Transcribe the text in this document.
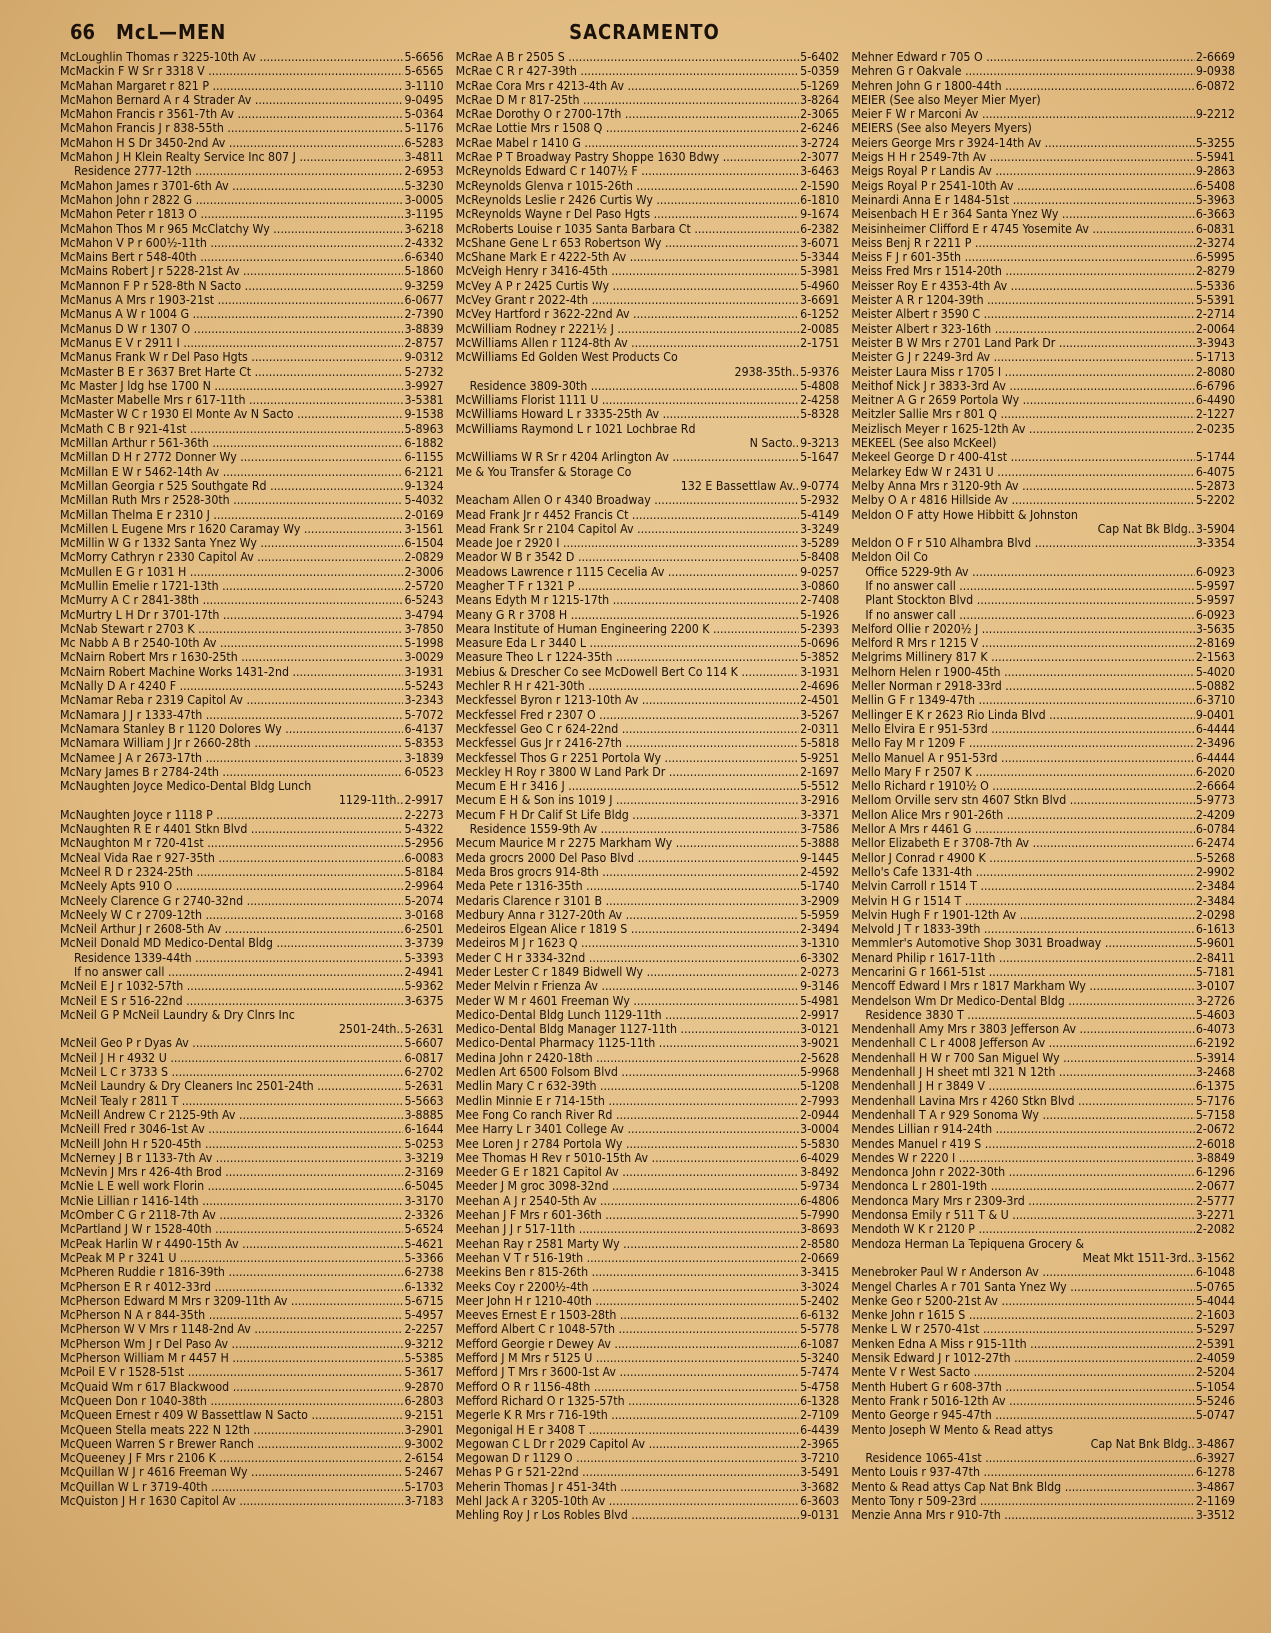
66 McL—MEN	SACRAMENTO
McLoughlin Thomas r 3225-10th Av .....	5-6656
McMackin F W Sr r 3318 V .....	5-6565
McMahan Margaret r 821 P .....	3-1110
McMahon Bernard A r 4 Strader Av .....	9-0495
McMahon Francis r 3561-7th Av .....	5-0364
McMahon Francis J r 838-55th .....	5-1176
McMahon H S Dr 3450-2nd Av .....	6-5283
McMahon J H Klein Realty Service Inc 807 J .....	3-4811
Residence 2777-12th .....	2-6953
McMahon James r 3701-6th Av .....	5-3230
McMahon John r 2822 G .....	3-0005
McMahon Peter r 1813 O .....	3-1195
McMahon Thos M r 965 McClatchy Wy .....	3-6218
McMahon V P r 600½-11th .....	2-4332
McMains Bert r 548-40th .....	6-6340
McMains Robert J r 5228-21st Av .....	5-1860
McMannon F P r 528-8th N Sacto .....	9-3259
McManus A Mrs r 1903-21st .....	6-0677
McManus A W r 1004 G .....	2-7390
McManus D W r 1307 O .....	3-8839
McManus E V r 2911 I .....	2-8757
McManus Frank W r Del Paso Hgts .....	9-0312
McMaster B E r 3637 Bret Harte Ct .....	5-2732
Mc Master J ldg hse 1700 N .....	3-9927
McMaster Mabelle Mrs r 617-11th .....	3-5381
McMaster W C r 1930 El Monte Av N Sacto .....	9-1538
McMath C B r 921-41st .....	5-8963
McMillan Arthur r 561-36th .....	6-1882
McMillan D H r 2772 Donner Wy .....	6-1155
McMillan E W r 5462-14th Av .....	6-2121
McMillan Georgia r 525 Southgate Rd .....	9-1324
McMillan Ruth Mrs r 2528-30th .....	5-4032
McMillan Thelma E r 2310 J .....	2-0169
McMillen L Eugene Mrs r 1620 Caramay Wy .....	3-1561
McMillin W G r 1332 Santa Ynez Wy .....	6-1504
McMorry Cathryn r 2330 Capitol Av .....	2-0829
McMullen E G r 1031 H .....	2-3006
McMullin Emelie r 1721-13th .....	2-5720
McMurry A C r 2841-38th .....	6-5243
McMurtry L H Dr r 3701-17th .....	3-4794
McNab Stewart r 2703 K .....	3-7850
Mc Nabb A B r 2540-10th Av .....	5-1998
McNairn Robert Mrs r 1630-25th .....	3-0029
McNairn Robert Machine Works 1431-2nd .....	3-1931
McNally D A r 4240 F .....	5-5243
McNamar Reba r 2319 Capitol Av .....	3-2343
McNamara J J r 1333-47th .....	5-7072
McNamara Stanley B r 1120 Dolores Wy .....	6-4137
McNamara William J Jr r 2660-28th .....	5-8353
McNamee J A r 2673-17th .....	3-1839
McNary James B r 2784-24th .....	6-0523
McNaughten Joyce Medico-Dental Bldg Lunch
1129-11th .. 2-9917
McNaughten Joyce r 1118 P .....	2-2273
McNaughten R E r 4401 Stkn Blvd .....	5-4322
McNaughton M r 720-41st .....	5-2956
McNeal Vida Rae r 927-35th .....	6-0083
McNeel R D r 2324-25th .....	5-8184
McNeely Apts 910 O .....	2-9964
McNeely Clarence G r 2740-32nd .....	5-2074
McNeely W C r 2709-12th .....	3-0168
McNeil Arthur J r 2608-5th Av .....	6-2501
McNeil Donald MD Medico-Dental Bldg .....	3-3739
Residence 1339-44th .....	5-3393
If no answer call .....	2-4941
McNeil E J r 1032-57th .....	5-9362
McNeil E S r 516-22nd .....	3-6375
McNeil G P McNeil Laundry & Dry Clnrs Inc
2501-24th .. 5-2631
McNeil Geo P r Dyas Av .....	5-6607
McNeil J H r 4932 U .....	6-0817
McNeil L C r 3733 S .....	6-2702
McNeil Laundry & Dry Cleaners Inc 2501-24th .....	5-2631
McNeil Tealy r 2811 T .....	5-5663
McNeill Andrew C r 2125-9th Av .....	3-8885
McNeill Fred r 3046-1st Av .....	6-1644
McNeill John H r 520-45th .....	5-0253
McNerney J B r 1133-7th Av .....	3-3219
McNevin J Mrs r 426-4th Brod .....	2-3169
McNie L E well work Florin .....	6-5045
McNie Lillian r 1416-14th .....	3-3170
McOmber C G r 2118-7th Av .....	2-3326
McPartland J W r 1528-40th .....	5-6524
McPeak Harlin W r 4490-15th Av .....	5-4621
McPeak M P r 3241 U .....	5-3366
McPheren Ruddie r 1816-39th .....	6-2738
McPherson E R r 4012-33rd .....	6-1332
McPherson Edward M Mrs r 3209-11th Av .....	5-6715
McPherson N A r 844-35th .....	5-4957
McPherson W V Mrs r 1148-2nd Av .....	2-2257
McPherson Wm J r Del Paso Av .....	9-3212
McPherson William M r 4457 H .....	5-5385
McPoil E V r 1528-51st .....	5-3617
McQuaid Wm r 617 Blackwood .....	9-2870
McQueen Don r 1040-38th .....	6-2803
McQueen Ernest r 409 W Bassettlaw N Sacto .....	9-2151
McQueen Stella meats 222 N 12th .....	3-2901
McQueen Warren S r Brewer Ranch .....	9-3002
McQueeney J F Mrs r 2106 K .....	2-6154
McQuillan W J r 4616 Freeman Wy .....	5-2467
McQuillan W L r 3719-40th .....	5-1703
McQuiston J H r 1630 Capitol Av .....	3-7183
McRae A B r 2505 S .....	5-6402
McRae C R r 427-39th .....	5-0359
McRae Cora Mrs r 4213-4th Av .....	5-1269
McRae D M r 817-25th .....	3-8264
McRae Dorothy O r 2700-17th .....	2-3065
McRae Lottie Mrs r 1508 Q .....	2-6246
McRae Mabel r 1410 G .....	3-2724
McRae P T Broadway Pastry Shoppe 1630 Bdwy .....	2-3077
McReynolds Edward C r 1407½ F .....	3-6463
McReynolds Glenva r 1015-26th .....	2-1590
McReynolds Leslie r 2426 Curtis Wy .....	6-1810
McReynolds Wayne r Del Paso Hgts .....	9-1674
McRoberts Louise r 1035 Santa Barbara Ct .....	6-2382
McShane Gene L r 653 Robertson Wy .....	3-6071
McShane Mark E r 4222-5th Av .....	5-3344
McVeigh Henry r 3416-45th .....	5-3981
McVey A P r 2425 Curtis Wy .....	5-4960
McVey Grant r 2022-4th .....	3-6691
McVey Hartford r 3622-22nd Av .....	6-1252
McWilliam Rodney r 2221½ J .....	2-0085
McWilliams Allen r 1124-8th Av .....	2-1751
McWilliams Ed Golden West Products Co
2938-35th .. 5-9376
Residence 3809-30th .....	5-4808
McWilliams Florist 1111 U .....	2-4258
McWilliams Howard L r 3335-25th Av .....	5-8328
McWilliams Raymond L r 1021 Lochbrae Rd
N Sacto .. 9-3213
McWilliams W R Sr r 4204 Arlington Av .....	5-1647
Me & You Transfer & Storage Co
132 E Bassettlaw Av .. 9-0774
Meacham Allen O r 4340 Broadway .....	5-2932
Mead Frank Jr r 4452 Francis Ct .....	5-4149
Mead Frank Sr r 2104 Capitol Av .....	3-3249
Meade Joe r 2920 I .....	3-5289
Meador W B r 3542 D .....	5-8408
Meadows Lawrence r 1115 Cecelia Av .....	9-0257
Meagher T F r 1321 P .....	3-0860
Means Edyth M r 1215-17th .....	2-7408
Meany G R r 3708 H .....	5-1926
Meara Institute of Human Engineering 2200 K .....	5-2393
Measure Eda L r 3440 L .....	5-0696
Measure Theo L r 1224-35th .....	5-3852
Mebius & Drescher Co see McDowell Bert Co 114 K .....	3-1931
Mechler R H r 421-30th .....	2-4696
Meckfessel Byron r 1213-10th Av .....	2-4501
Meckfessel Fred r 2307 O .....	3-5267
Meckfessel Geo C r 624-22nd .....	2-0311
Meckfessel Gus Jr r 2416-27th .....	5-5818
Meckfessel Thos G r 2251 Portola Wy .....	5-9251
Meckley H Roy r 3800 W Land Park Dr .....	2-1697
Mecum E H r 3416 J .....	5-5512
Mecum E H & Son ins 1019 J .....	3-2916
Mecum F H Dr Calif St Life Bldg .....	3-3371
Residence 1559-9th Av .....	3-7586
Mecum Maurice M r 2275 Markham Wy .....	5-3888
Meda grocrs 2000 Del Paso Blvd .....	9-1445
Meda Bros grocrs 914-8th .....	2-4592
Meda Pete r 1316-35th .....	5-1740
Medaris Clarence r 3101 B .....	3-2909
Medbury Anna r 3127-20th Av .....	5-5959
Medeiros Elgean Alice r 1819 S .....	2-3494
Medeiros M J r 1623 Q .....	3-1310
Meder C H r 3334-32nd .....	6-3302
Meder Lester C r 1849 Bidwell Wy .....	2-0273
Meder Melvin r Frienza Av .....	9-3146
Meder W M r 4601 Freeman Wy .....	5-4981
Medico-Dental Bldg Lunch 1129-11th .....	2-9917
Medico-Dental Bldg Manager 1127-11th .....	3-0121
Medico-Dental Pharmacy 1125-11th .....	3-9021
Medina John r 2420-18th .....	2-5628
Medlen Art 6500 Folsom Blvd .....	5-9968
Medlin Mary C r 632-39th .....	5-1208
Medlin Minnie E r 714-15th .....	2-7993
Mee Fong Co ranch River Rd .....	2-0944
Mee Harry L r 3401 College Av .....	3-0004
Mee Loren J r 2784 Portola Wy .....	5-5830
Mee Thomas H Rev r 5010-15th Av .....	6-4029
Meeder G E r 1821 Capitol Av .....	3-8492
Meeder J M groc 3098-32nd .....	5-9734
Meehan A J r 2540-5th Av .....	6-4806
Meehan J F Mrs r 601-36th .....	5-7990
Meehan J J r 517-11th .....	3-8693
Meehan Ray r 2581 Marty Wy .....	2-8580
Meehan V T r 516-19th .....	2-0669
Meekins Ben r 815-26th .....	3-3415
Meeks Coy r 2200½-4th .....	3-3024
Meer John H r 1210-40th .....	5-2402
Meeves Ernest E r 1503-28th .....	6-6132
Mefford Albert C r 1048-57th .....	5-5778
Mefford Georgie r Dewey Av .....	6-1087
Mefford J M Mrs r 5125 U .....	5-3240
Mefford J T Mrs r 3600-1st Av .....	5-7474
Mefford O R r 1156-48th .....	5-4758
Mefford Richard O r 1325-57th .....	6-1328
Megerle K R Mrs r 716-19th .....	2-7109
Megonigal H E r 3408 T .....	6-4439
Megowan C L Dr r 2029 Capitol Av .....	2-3965
Megowan D r 1129 O .....	3-7210
Mehas P G r 521-22nd .....	3-5491
Meherin Thomas J r 451-34th .....	3-3682
Mehl Jack A r 3205-10th Av .....	6-3603
Mehling Roy J r Los Robles Blvd .....	9-0131
Mehner Edward r 705 O .....	2-6669
Mehren G r Oakvale .....	9-0938
Mehren John G r 1800-44th .....	6-0872
MEIER (See also Meyer Mier Myer)
Meier F W r Marconi Av .....	9-2212
MEIERS (See also Meyers Myers)
Meiers George Mrs r 3924-14th Av .....	5-3255
Meigs H H r 2549-7th Av .....	5-5941
Meigs Royal P r Landis Av .....	9-2863
Meigs Royal P r 2541-10th Av .....	6-5408
Meinardi Anna E r 1484-51st .....	5-3963
Meisenbach H E r 364 Santa Ynez Wy .....	6-3663
Meisinheimer Clifford E r 4745 Yosemite Av .....	6-0831
Meiss Benj R r 2211 P .....	2-3274
Meiss F J r 601-35th .....	6-5995
Meiss Fred Mrs r 1514-20th .....	2-8279
Meisser Roy E r 4353-4th Av .....	5-5336
Meister A R r 1204-39th .....	5-5391
Meister Albert r 3590 C .....	2-2714
Meister Albert r 323-16th .....	2-0064
Meister B W Mrs r 2701 Land Park Dr .....	3-3943
Meister G J r 2249-3rd Av .....	5-1713
Meister Laura Miss r 1705 I .....	2-8080
Meithof Nick J r 3833-3rd Av .....	6-6796
Meitner A G r 2659 Portola Wy .....	6-4490
Meitzler Sallie Mrs r 801 Q .....	2-1227
Meizlisch Meyer r 1625-12th Av .....	2-0235
MEKEEL (See also McKeel)
Mekeel George D r 400-41st .....	5-1744
Melarkey Edw W r 2431 U .....	6-4075
Melby Anna Mrs r 3120-9th Av .....	5-2873
Melby O A r 4816 Hillside Av .....	5-2202
Meldon O F atty Howe Hibbitt & Johnston
Cap Nat Bk Bldg .. 3-5904
Meldon O F r 510 Alhambra Blvd .....	3-3354
Meldon Oil Co
Office 5229-9th Av .....	6-0923
If no answer call .....	5-9597
Plant Stockton Blvd .....	5-9597
If no answer call .....	6-0923
Melford Ollie r 2020½ J .....	3-5635
Melford R Mrs r 1215 V .....	2-8169
Melgrims Millinery 817 K .....	2-1563
Melhorn Helen r 1900-45th .....	5-4020
Meller Norman r 2918-33rd .....	5-0882
Mellin G F r 1349-47th .....	6-3710
Mellinger E K r 2623 Rio Linda Blvd .....	9-0401
Mello Elvira E r 951-53rd .....	6-4444
Mello Fay M r 1209 F .....	2-3496
Mello Manuel A r 951-53rd .....	6-4444
Mello Mary F r 2507 K .....	6-2020
Mello Richard r 1910½ O .....	2-6664
Mellom Orville serv stn 4607 Stkn Blvd .....	5-9773
Mellon Alice Mrs r 901-26th .....	2-4209
Mellor A Mrs r 4461 G .....	6-0784
Mellor Elizabeth E r 3708-7th Av .....	6-2474
Mellor J Conrad r 4900 K .....	5-5268
Mello's Cafe 1331-4th .....	2-9902
Melvin Carroll r 1514 T .....	2-3484
Melvin H G r 1514 T .....	2-3484
Melvin Hugh F r 1901-12th Av .....	2-0298
Melvold J T r 1833-39th .....	6-1613
Memmler's Automotive Shop 3031 Broadway .....	5-9601
Menard Philip r 1617-11th .....	2-8411
Mencarini G r 1661-51st .....	5-7181
Mencoff Edward I Mrs r 1817 Markham Wy .....	3-0107
Mendelson Wm Dr Medico-Dental Bldg .....	3-2726
Residence 3830 T .....	5-4603
Mendenhall Amy Mrs r 3803 Jefferson Av .....	6-4073
Mendenhall C L r 4008 Jefferson Av .....	6-2192
Mendenhall H W r 700 San Miguel Wy .....	5-3914
Mendenhall J H sheet mtl 321 N 12th .....	3-2468
Mendenhall J H r 3849 V .....	6-1375
Mendenhall Lavina Mrs r 4260 Stkn Blvd .....	5-7176
Mendenhall T A r 929 Sonoma Wy .....	5-7158
Mendes Lillian r 914-24th .....	2-0672
Mendes Manuel r 419 S .....	2-6018
Mendes W r 2220 I .....	3-8849
Mendonca John r 2022-30th .....	6-1296
Mendonca L r 2801-19th .....	2-0677
Mendonca Mary Mrs r 2309-3rd .....	2-5777
Mendonsa Emily r 511 T & U .....	3-2271
Mendoth W K r 2120 P .....	2-2082
Mendoza Herman La Tepiquena Grocery &
Meat Mkt 1511-3rd .. 3-1562
Menebroker Paul W r Anderson Av .....	6-1048
Mengel Charles A r 701 Santa Ynez Wy .....	5-0765
Menke Geo r 5200-21st Av .....	5-4044
Menke John r 1615 S .....	2-1603
Menke L W r 2570-41st .....	5-5297
Menken Edna A Miss r 915-11th .....	2-5391
Mensik Edward J r 1012-27th .....	2-4059
Mente V r West Sacto .....	2-5204
Menth Hubert G r 608-37th .....	5-1054
Mento Frank r 5016-12th Av .....	5-5246
Mento George r 945-47th .....	5-0747
Mento Joseph W Mento & Read attys
Cap Nat Bnk Bldg .. 3-4867
Residence 1065-41st .....	6-3927
Mento Louis r 937-47th .....	6-1278
Mento & Read attys Cap Nat Bnk Bldg .....	3-4867
Mento Tony r 509-23rd .....	2-1169
Menzie Anna Mrs r 910-7th .....	3-3512
